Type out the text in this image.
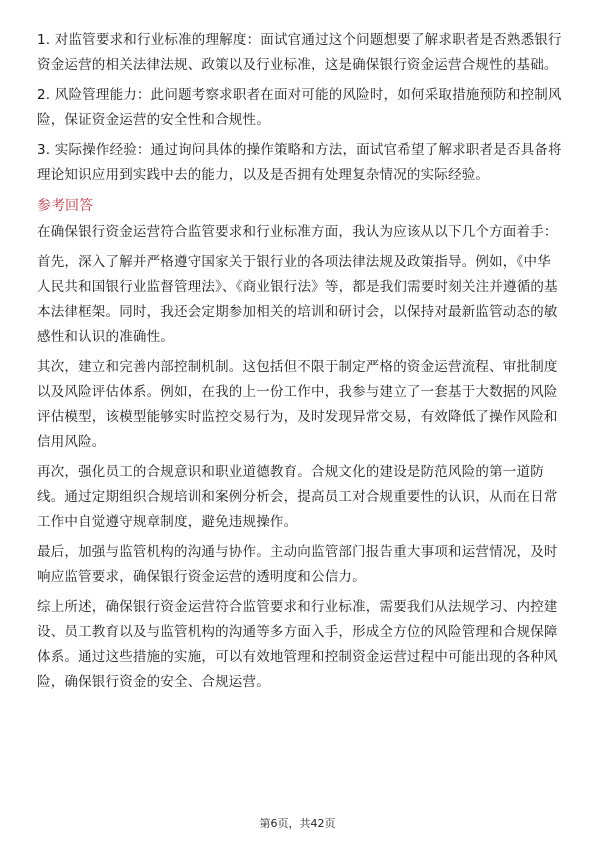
1. 对监管要求和行业标准的理解度：面试官通过这个问题想要了解求职者是否熟悉银行资金运营的相关法律法规、政策以及行业标准，这是确保银行资金运营合规性的基础。

2. 风险管理能力：此问题考察求职者在面对可能的风险时，如何采取措施预防和控制风险，保证资金运营的安全性和合规性。

3. 实际操作经验：通过询问具体的操作策略和方法，面试官希望了解求职者是否具备将理论知识应用到实践中去的能力，以及是否拥有处理复杂情况的实际经验。

参考回答

在确保银行资金运营符合监管要求和行业标准方面，我认为应该从以下几个方面着手：

首先，深入了解并严格遵守国家关于银行业的各项法律法规及政策指导。例如，《中华人民共和国银行业监督管理法》、《商业银行法》等，都是我们需要时刻关注并遵循的基本法律框架。同时，我还会定期参加相关的培训和研讨会，以保持对最新监管动态的敏感性和认识的准确性。

其次，建立和完善内部控制机制。这包括但不限于制定严格的资金运营流程、审批制度以及风险评估体系。例如，在我的上一份工作中，我参与建立了一套基于大数据的风险评估模型，该模型能够实时监控交易行为，及时发现异常交易，有效降低了操作风险和信用风险。

再次，强化员工的合规意识和职业道德教育。合规文化的建设是防范风险的第一道防线。通过定期组织合规培训和案例分析会，提高员工对合规重要性的认识，从而在日常工作中自觉遵守规章制度，避免违规操作。

最后，加强与监管机构的沟通与协作。主动向监管部门报告重大事项和运营情况，及时响应监管要求，确保银行资金运营的透明度和公信力。

综上所述，确保银行资金运营符合监管要求和行业标准，需要我们从法规学习、内控建设、员工教育以及与监管机构的沟通等多方面入手，形成全方位的风险管理和合规保障体系。通过这些措施的实施，可以有效地管理和控制资金运营过程中可能出现的各种风险，确保银行资金的安全、合规运营。

第6页，共42页
